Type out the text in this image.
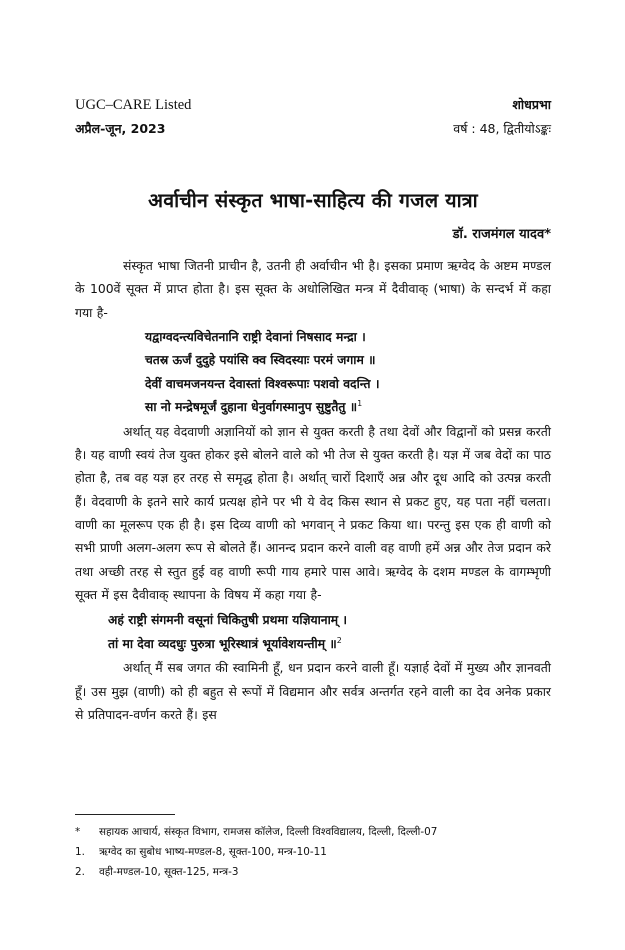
UGC–CARE Listed	शोधप्रभा
अप्रैल-जून, 2023	वर्ष : 48, द्वितीयोऽङ्कः
अर्वाचीन संस्कृत भाषा-साहित्य की गजल यात्रा
डॉ. राजमंगल यादव*

संस्कृत भाषा जितनी प्राचीन है, उतनी ही अर्वाचीन भी है। इसका प्रमाण ऋग्वेद के अष्टम मण्डल के 100वें सूक्त में प्राप्त होता है। इस सूक्त के अधोलिखित मन्त्र में दैवीवाक् (भाषा) के सन्दर्भ में कहा गया है-

यद्वाग्वदन्त्यविचेतनानि राष्ट्री देवानां निषसाद मन्द्रा ।
चतस्र ऊर्जं दुदुहे पयांसि क्व स्विदस्याः परमं जगाम ॥
देवीं वाचमजनयन्त देवास्तां विश्वरूपाः पशवो वदन्ति ।
सा नो मन्द्रेषमूर्जं दुहाना धेनुर्वागस्मानुप सुष्टुतैतु ॥$^1$

अर्थात् यह वेदवाणी अज्ञानियों को ज्ञान से युक्त करती है तथा देवों और विद्वानों को प्रसन्न करती है। यह वाणी स्वयं तेज युक्त होकर इसे बोलने वाले को भी तेज से युक्त करती है। यज्ञ में जब वेदों का पाठ होता है, तब वह यज्ञ हर तरह से समृद्ध होता है। अर्थात् चारों दिशाएँ अन्न और दूध आदि को उत्पन्न करती हैं। वेदवाणी के इतने सारे कार्य प्रत्यक्ष होने पर भी ये वेद किस स्थान से प्रकट हुए, यह पता नहीं चलता। वाणी का मूलरूप एक ही है। इस दिव्य वाणी को भगवान् ने प्रकट किया था। परन्तु इस एक ही वाणी को सभी प्राणी अलग-अलग रूप से बोलते हैं। आनन्द प्रदान करने वाली वह वाणी हमें अन्न और तेज प्रदान करे तथा अच्छी तरह से स्तुत हुई वह वाणी रूपी गाय हमारे पास आवे। ऋग्वेद के दशम मण्डल के वागम्भृणी सूक्त में इस दैवीवाक् स्थापना के विषय में कहा गया है-

अहं राष्ट्री संगमनी वसूनां चिकितुषी प्रथमा यज्ञियानाम् ।
तां मा देवा व्यदधुः पुरुत्रा भूरिस्थात्रं भूर्यावेशयन्तीम् ॥$^2$

अर्थात् मैं सब जगत की स्वामिनी हूँ, धन प्रदान करने वाली हूँ। यज्ञार्ह देवों में मुख्य और ज्ञानवती हूँ। उस मुझ (वाणी) को ही बहुत से रूपों में विद्यमान और सर्वत्र अन्तर्गत रहने वाली का देव अनेक प्रकार से प्रतिपादन-वर्णन करते हैं। इस

*	सहायक आचार्य, संस्कृत विभाग, रामजस कॉलेज, दिल्ली विश्वविद्यालय, दिल्ली, दिल्ली-07
1.	ऋग्वेद का सुबोध भाष्य-मण्डल-8, सूक्त-100, मन्त्र-10-11
2.	वही-मण्डल-10, सूक्त-125, मन्त्र-3
